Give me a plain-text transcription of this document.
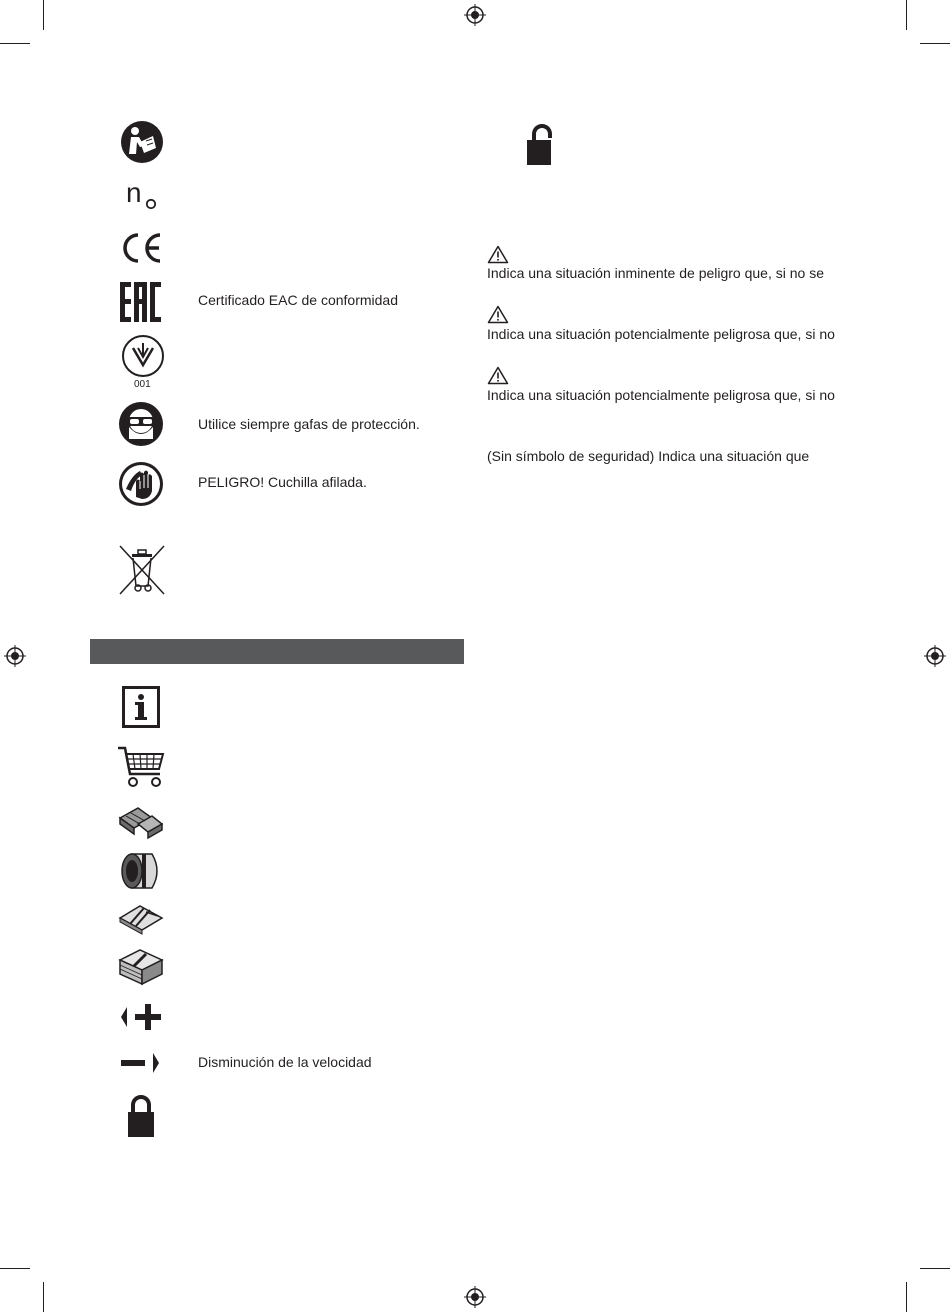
n
Certificado EAC de conformidad
001
Utilice siempre gafas de protección.
PELIGRO! Cuchilla afilada.
Disminución de la velocidad
Indica una situación inminente de peligro que, si no se
Indica una situación potencialmente peligrosa que, si no
Indica una situación potencialmente peligrosa que, si no
(Sin símbolo de seguridad) Indica una situación que
